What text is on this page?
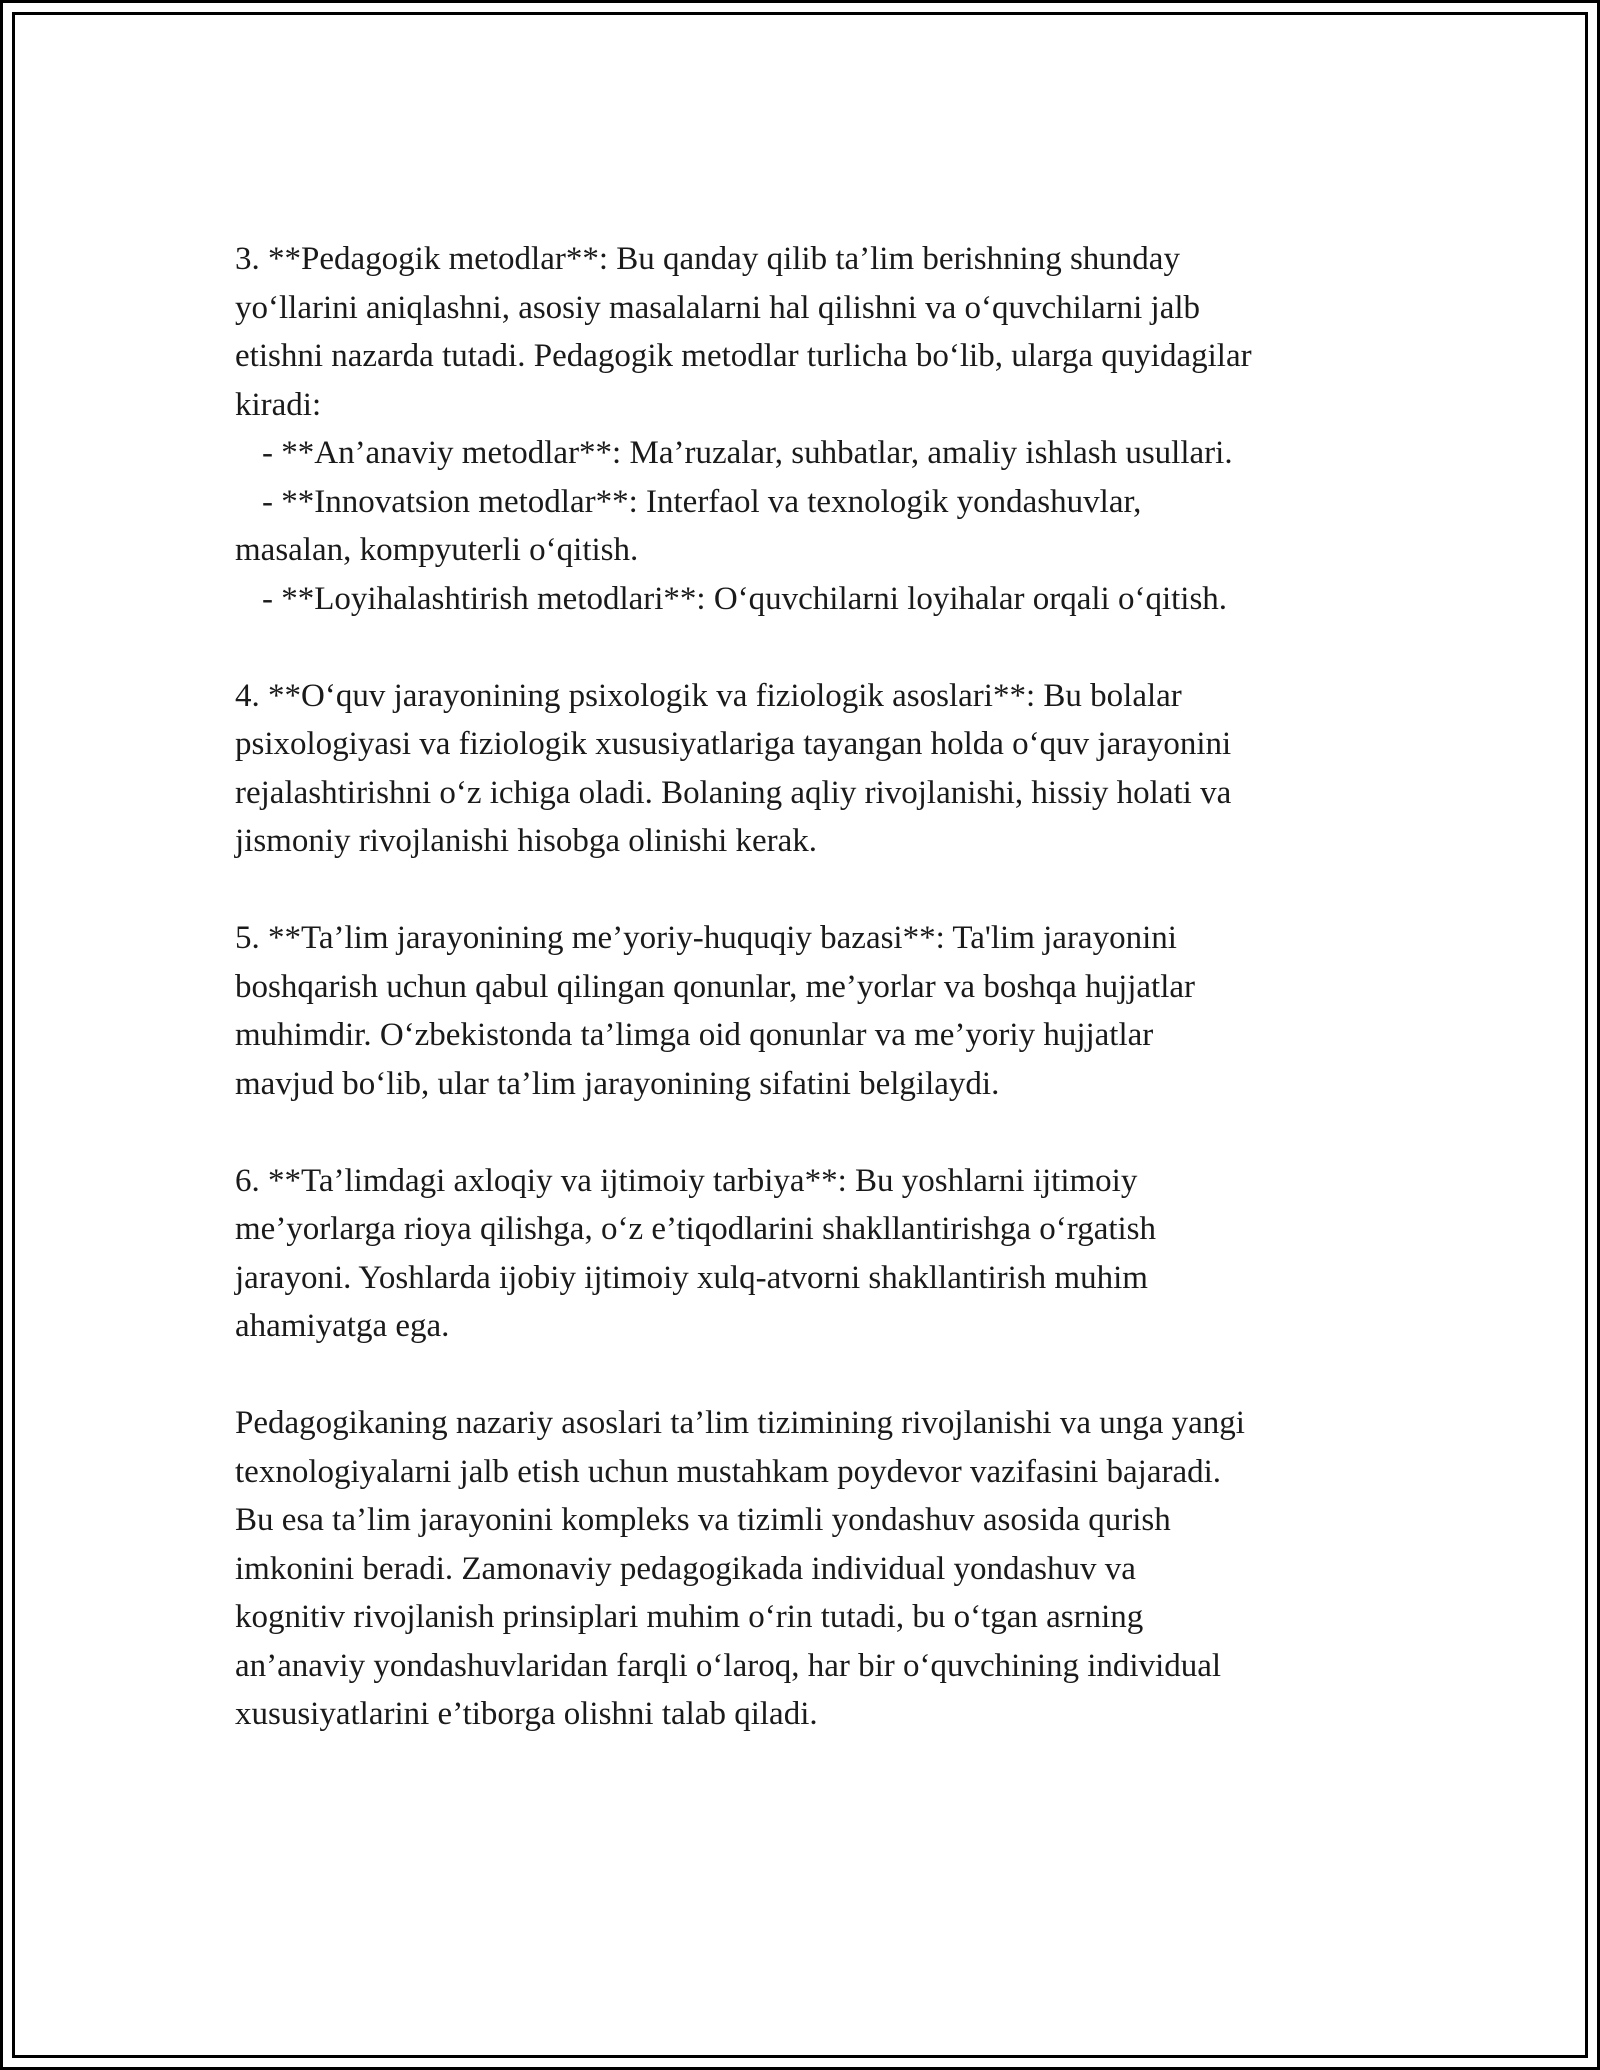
3. **Pedagogik metodlar**: Bu qanday qilib ta’lim berishning shunday
yo‘llarini aniqlashni, asosiy masalalarni hal qilishni va o‘quvchilarni jalb
etishni nazarda tutadi. Pedagogik metodlar turlicha bo‘lib, ularga quyidagilar
kiradi:
- **An’anaviy metodlar**: Ma’ruzalar, suhbatlar, amaliy ishlash usullari.
- **Innovatsion metodlar**: Interfaol va texnologik yondashuvlar,
masalan, kompyuterli o‘qitish.
- **Loyihalashtirish metodlari**: O‘quvchilarni loyihalar orqali o‘qitish.
4. **O‘quv jarayonining psixologik va fiziologik asoslari**: Bu bolalar
psixologiyasi va fiziologik xususiyatlariga tayangan holda o‘quv jarayonini
rejalashtirishni o‘z ichiga oladi. Bolaning aqliy rivojlanishi, hissiy holati va
jismoniy rivojlanishi hisobga olinishi kerak.
5. **Ta’lim jarayonining me’yoriy-huquqiy bazasi**: Ta'lim jarayonini
boshqarish uchun qabul qilingan qonunlar, me’yorlar va boshqa hujjatlar
muhimdir. O‘zbekistonda ta’limga oid qonunlar va me’yoriy hujjatlar
mavjud bo‘lib, ular ta’lim jarayonining sifatini belgilaydi.
6. **Ta’limdagi axloqiy va ijtimoiy tarbiya**: Bu yoshlarni ijtimoiy
me’yorlarga rioya qilishga, o‘z e’tiqodlarini shakllantirishga o‘rgatish
jarayoni. Yoshlarda ijobiy ijtimoiy xulq-atvorni shakllantirish muhim
ahamiyatga ega.
Pedagogikaning nazariy asoslari ta’lim tizimining rivojlanishi va unga yangi
texnologiyalarni jalb etish uchun mustahkam poydevor vazifasini bajaradi.
Bu esa ta’lim jarayonini kompleks va tizimli yondashuv asosida qurish
imkonini beradi. Zamonaviy pedagogikada individual yondashuv va
kognitiv rivojlanish prinsiplari muhim o‘rin tutadi, bu o‘tgan asrning
an’anaviy yondashuvlaridan farqli o‘laroq, har bir o‘quvchining individual
xususiyatlarini e’tiborga olishni talab qiladi.
